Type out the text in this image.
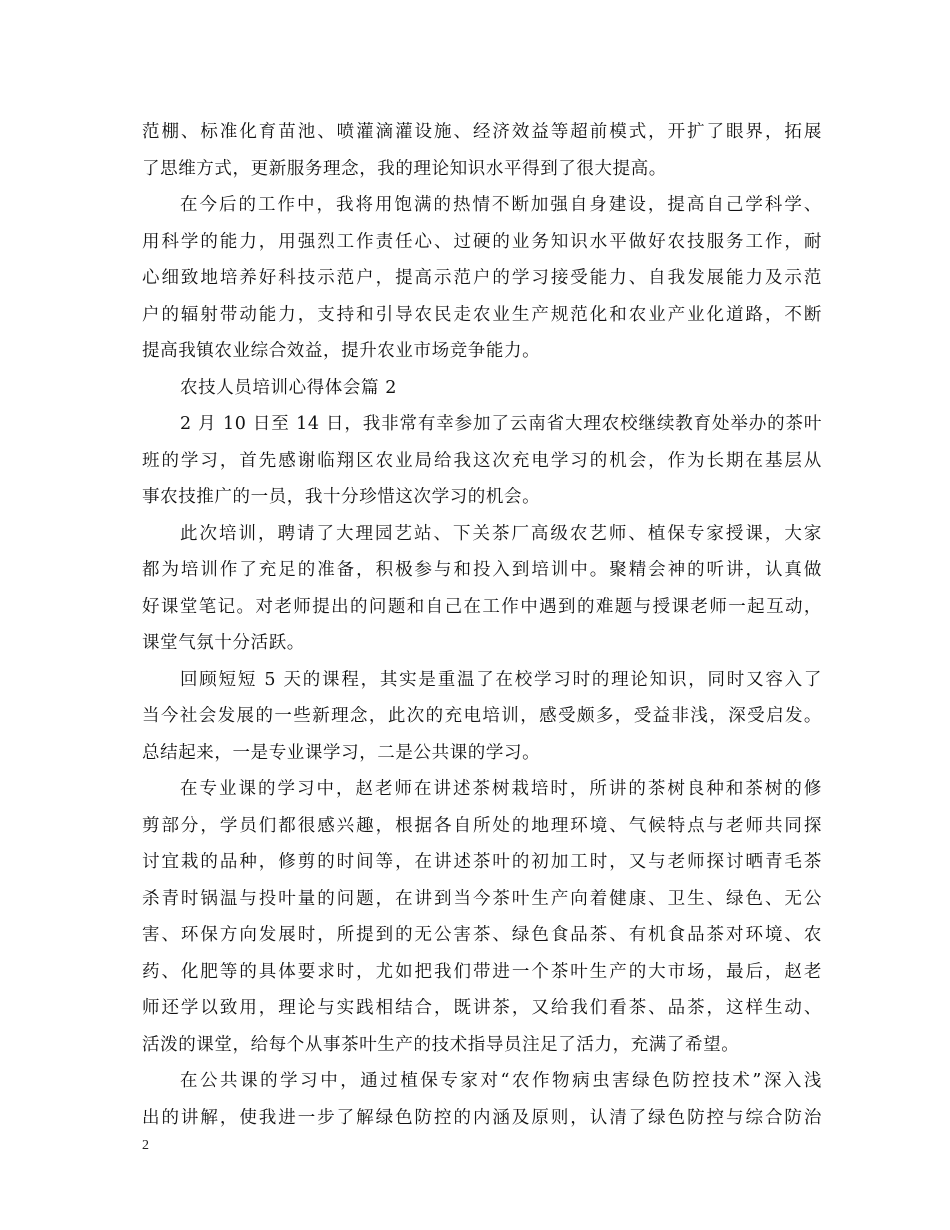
范棚、标准化育苗池、喷灌滴灌设施、经济效益等超前模式，开扩了眼界，拓展
了思维方式，更新服务理念，我的理论知识水平得到了很大提高。
在今后的工作中，我将用饱满的热情不断加强自身建设，提高自己学科学、
用科学的能力，用强烈工作责任心、过硬的业务知识水平做好农技服务工作，耐
心细致地培养好科技示范户，提高示范户的学习接受能力、自我发展能力及示范
户的辐射带动能力，支持和引导农民走农业生产规范化和农业产业化道路，不断
提高我镇农业综合效益，提升农业市场竞争能力。
农技人员培训心得体会篇 2
2 月 10 日至 14 日，我非常有幸参加了云南省大理农校继续教育处举办的茶叶
班的学习，首先感谢临翔区农业局给我这次充电学习的机会，作为长期在基层从
事农技推广的一员，我十分珍惜这次学习的机会。
此次培训，聘请了大理园艺站、下关茶厂高级农艺师、植保专家授课，大家
都为培训作了充足的准备，积极参与和投入到培训中。聚精会神的听讲，认真做
好课堂笔记。对老师提出的问题和自己在工作中遇到的难题与授课老师一起互动，
课堂气氛十分活跃。
回顾短短 5 天的课程，其实是重温了在校学习时的理论知识，同时又容入了
当今社会发展的一些新理念，此次的充电培训，感受颇多，受益非浅，深受启发。
总结起来，一是专业课学习，二是公共课的学习。
在专业课的学习中，赵老师在讲述茶树栽培时，所讲的茶树良种和茶树的修
剪部分，学员们都很感兴趣，根据各自所处的地理环境、气候特点与老师共同探
讨宜栽的品种，修剪的时间等，在讲述茶叶的初加工时，又与老师探讨晒青毛茶
杀青时锅温与投叶量的问题，在讲到当今茶叶生产向着健康、卫生、绿色、无公
害、环保方向发展时，所提到的无公害茶、绿色食品茶、有机食品茶对环境、农
药、化肥等的具体要求时，尤如把我们带进一个茶叶生产的大市场，最后，赵老
师还学以致用，理论与实践相结合，既讲茶，又给我们看茶、品茶，这样生动、
活泼的课堂，给每个从事茶叶生产的技术指导员注足了活力，充满了希望。
在公共课的学习中，通过植保专家对“农作物病虫害绿色防控技术”深入浅
出的讲解，使我进一步了解绿色防控的内涵及原则，认清了绿色防控与综合防治
2
